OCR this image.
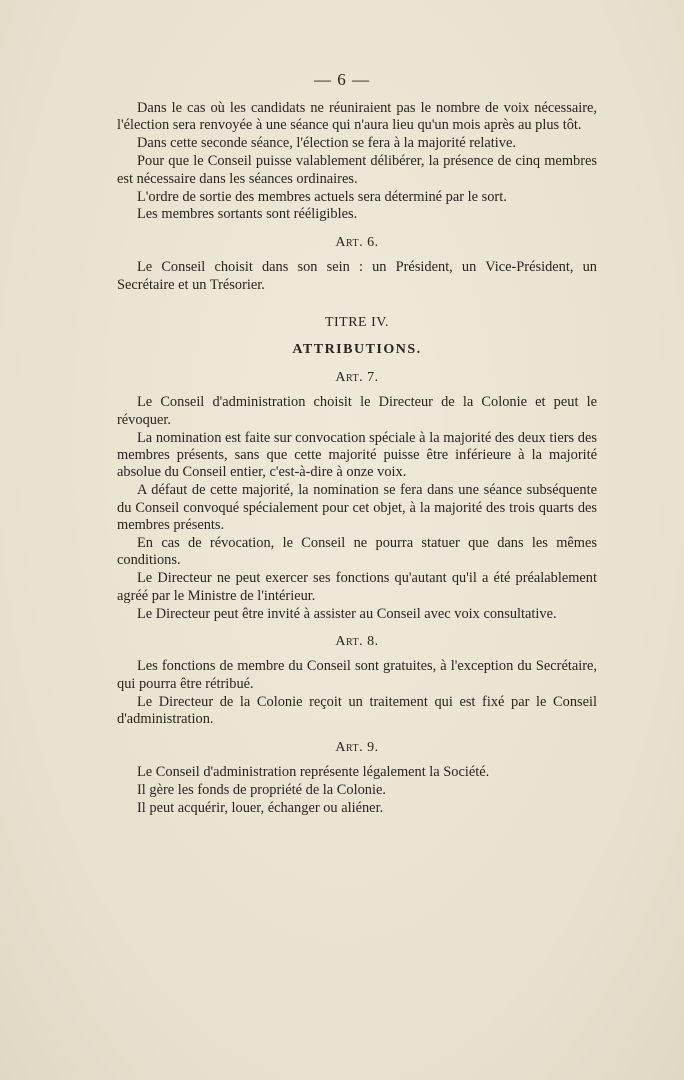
— 6 —

Dans le cas où les candidats ne réuniraient pas le nombre de voix nécessaire, l'élection sera renvoyée à une séance qui n'aura lieu qu'un mois après au plus tôt.

Dans cette seconde séance, l'élection se fera à la majorité relative.

Pour que le Conseil puisse valablement délibérer, la présence de cinq membres est nécessaire dans les séances ordinaires.

L'ordre de sortie des membres actuels sera déterminé par le sort.

Les membres sortants sont rééligibles.

Art. 6.

Le Conseil choisit dans son sein : un Président, un Vice-Président, un Secrétaire et un Trésorier.

TITRE IV.
ATTRIBUTIONS.
Art. 7.

Le Conseil d'administration choisit le Directeur de la Colonie et peut le révoquer.

La nomination est faite sur convocation spéciale à la majorité des deux tiers des membres présents, sans que cette majorité puisse être inférieure à la majorité absolue du Conseil entier, c'est-à-dire à onze voix.

A défaut de cette majorité, la nomination se fera dans une séance subséquente du Conseil convoqué spécialement pour cet objet, à la majorité des trois quarts des membres présents.

En cas de révocation, le Conseil ne pourra statuer que dans les mêmes conditions.

Le Directeur ne peut exercer ses fonctions qu'autant qu'il a été préalablement agréé par le Ministre de l'intérieur.

Le Directeur peut être invité à assister au Conseil avec voix consultative.

Art. 8.

Les fonctions de membre du Conseil sont gratuites, à l'exception du Secrétaire, qui pourra être rétribué.

Le Directeur de la Colonie reçoit un traitement qui est fixé par le Conseil d'administration.

Art. 9.

Le Conseil d'administration représente légalement la Société.

Il gère les fonds de propriété de la Colonie.

Il peut acquérir, louer, échanger ou aliéner.
